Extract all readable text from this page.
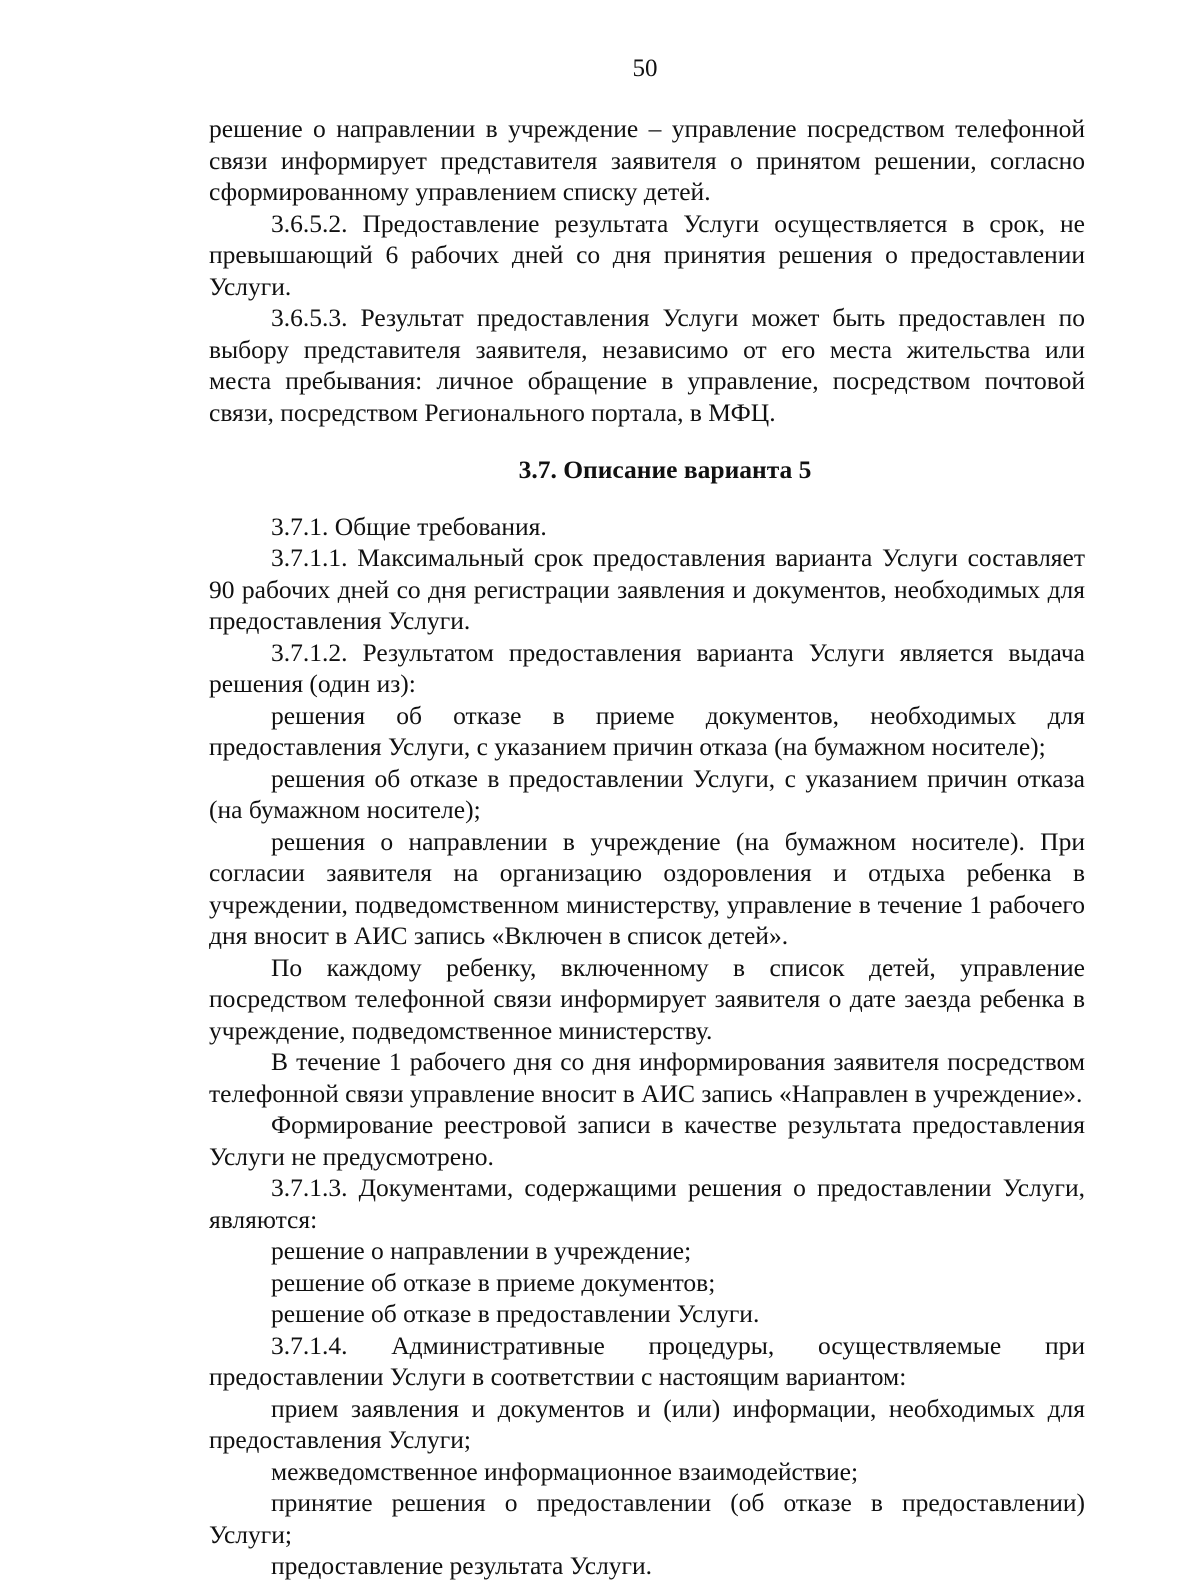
50

решение о направлении в учреждение – управление посредством телефонной связи информирует представителя заявителя о принятом решении, согласно сформированному управлением списку детей.

3.6.5.2. Предоставление результата Услуги осуществляется в срок, не превышающий 6 рабочих дней со дня принятия решения о предоставлении Услуги.

3.6.5.3. Результат предоставления Услуги может быть предоставлен по выбору представителя заявителя, независимо от его места жительства или места пребывания: личное обращение в управление, посредством почтовой связи, посредством Регионального портала, в МФЦ.

3.7. Описание варианта 5

3.7.1. Общие требования.

3.7.1.1. Максимальный срок предоставления варианта Услуги составляет 90 рабочих дней со дня регистрации заявления и документов, необходимых для предоставления Услуги.

3.7.1.2. Результатом предоставления варианта Услуги является выдача решения (один из):

решения об отказе в приеме документов, необходимых для предоставления Услуги, с указанием причин отказа (на бумажном носителе);

решения об отказе в предоставлении Услуги, с указанием причин отказа (на бумажном носителе);

решения о направлении в учреждение (на бумажном носителе). При согласии заявителя на организацию оздоровления и отдыха ребенка в учреждении, подведомственном министерству, управление в течение 1 рабочего дня вносит в АИС запись «Включен в список детей».

По каждому ребенку, включенному в список детей, управление посредством телефонной связи информирует заявителя о дате заезда ребенка в учреждение, подведомственное министерству.

В течение 1 рабочего дня со дня информирования заявителя посредством телефонной связи управление вносит в АИС запись «Направлен в учреждение».

Формирование реестровой записи в качестве результата предоставления Услуги не предусмотрено.

3.7.1.3. Документами, содержащими решения о предоставлении Услуги, являются:

решение о направлении в учреждение;

решение об отказе в приеме документов;

решение об отказе в предоставлении Услуги.

3.7.1.4. Административные процедуры, осуществляемые при предоставлении Услуги в соответствии с настоящим вариантом:

прием заявления и документов и (или) информации, необходимых для предоставления Услуги;

межведомственное информационное взаимодействие;

принятие решения о предоставлении (об отказе в предоставлении) Услуги;

предоставление результата Услуги.
